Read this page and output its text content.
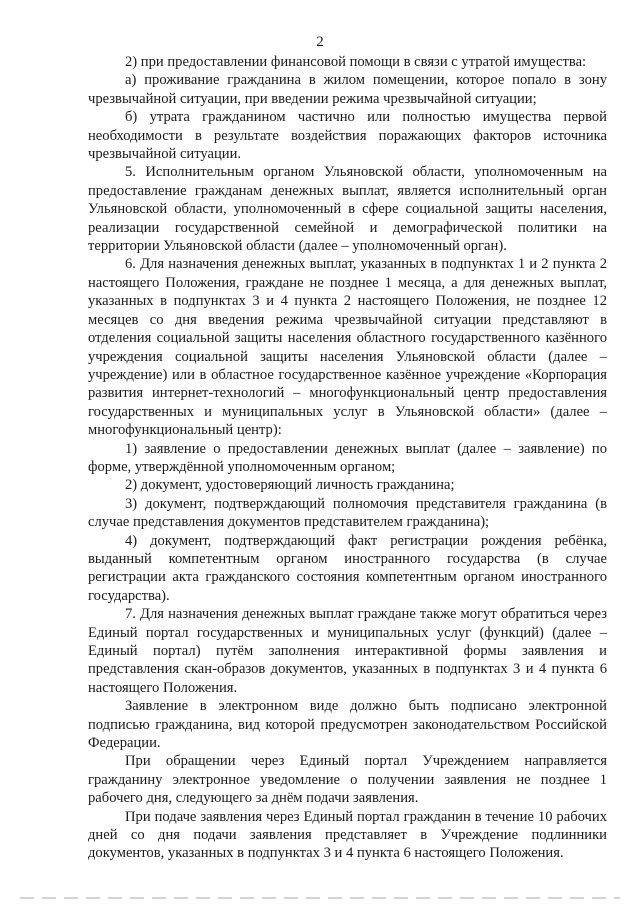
2

2) при предоставлении финансовой помощи в связи с утратой имущества:

а) проживание гражданина в жилом помещении, которое попало в зону чрезвычайной ситуации, при введении режима чрезвычайной ситуации;

б) утрата гражданином частично или полностью имущества первой необходимости в результате воздействия поражающих факторов источника чрезвычайной ситуации.

5. Исполнительным органом Ульяновской области, уполномоченным на предоставление гражданам денежных выплат, является исполнительный орган Ульяновской области, уполномоченный в сфере социальной защиты населения, реализации государственной семейной и демографической политики на территории Ульяновской области (далее – уполномоченный орган).

6. Для назначения денежных выплат, указанных в подпунктах 1 и 2 пункта 2 настоящего Положения, граждане не позднее 1 месяца, а для денежных выплат, указанных в подпунктах 3 и 4 пункта 2 настоящего Положения, не позднее 12 месяцев со дня введения режима чрезвычайной ситуации представляют в отделения социальной защиты населения областного государственного казённого учреждения социальной защиты населения Ульяновской области (далее – учреждение) или в областное государственное казённое учреждение «Корпорация развития интернет-технологий – многофункциональный центр предоставления государственных и муниципальных услуг в Ульяновской области» (далее – многофункциональный центр):

1) заявление о предоставлении денежных выплат (далее – заявление) по форме, утверждённой уполномоченным органом;

2) документ, удостоверяющий личность гражданина;

3) документ, подтверждающий полномочия представителя гражданина (в случае представления документов представителем гражданина);

4) документ, подтверждающий факт регистрации рождения ребёнка, выданный компетентным органом иностранного государства (в случае регистрации акта гражданского состояния компетентным органом иностранного государства).

7. Для назначения денежных выплат граждане также могут обратиться через Единый портал государственных и муниципальных услуг (функций) (далее – Единый портал) путём заполнения интерактивной формы заявления и представления скан-образов документов, указанных в подпунктах 3 и 4 пункта 6 настоящего Положения.

Заявление в электронном виде должно быть подписано электронной подписью гражданина, вид которой предусмотрен законодательством Российской Федерации.

При обращении через Единый портал Учреждением направляется гражданину электронное уведомление о получении заявления не позднее 1 рабочего дня, следующего за днём подачи заявления.

При подаче заявления через Единый портал гражданин в течение 10 рабочих дней со дня подачи заявления представляет в Учреждение подлинники документов, указанных в подпунктах 3 и 4 пункта 6 настоящего Положения.
